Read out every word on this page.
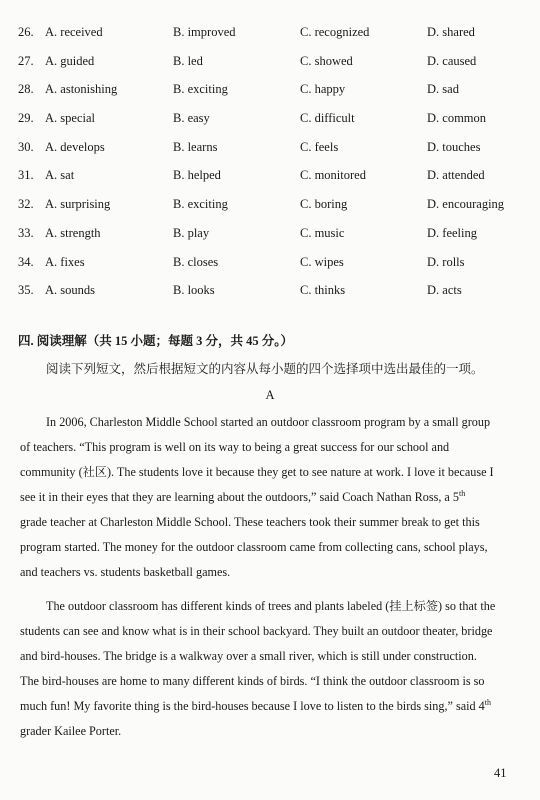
26. A. received	B. improved	C. recognized	D. shared
27. A. guided	B. led	C. showed	D. caused
28. A. astonishing	B. exciting	C. happy	D. sad
29. A. special	B. easy	C. difficult	D. common
30. A. develops	B. learns	C. feels	D. touches
31. A. sat	B. helped	C. monitored	D. attended
32. A. surprising	B. exciting	C. boring	D. encouraging
33. A. strength	B. play	C. music	D. feeling
34. A. fixes	B. closes	C. wipes	D. rolls
35. A. sounds	B. looks	C. thinks	D. acts
四. 阅读理解（共 15 小题；每题 3 分，共 45 分。）
阅读下列短文，然后根据短文的内容从每小题的四个选择项中选出最佳的一项。
A
In 2006, Charleston Middle School started an outdoor classroom program by a small group
of teachers. “This program is well on its way to being a great success for our school and
community (社区). The students love it because they get to see nature at work. I love it because I
see it in their eyes that they are learning about the outdoors,” said Coach Nathan Ross, a 5th
grade teacher at Charleston Middle School. These teachers took their summer break to get this
program started. The money for the outdoor classroom came from collecting cans, school plays,
and teachers vs. students basketball games.
The outdoor classroom has different kinds of trees and plants labeled (挂上标签) so that the
students can see and know what is in their school backyard. They built an outdoor theater, bridge
and bird-houses. The bridge is a walkway over a small river, which is still under construction.
The bird-houses are home to many different kinds of birds. “I think the outdoor classroom is so
much fun! My favorite thing is the bird-houses because I love to listen to the birds sing,” said 4th
grader Kailee Porter.
41
